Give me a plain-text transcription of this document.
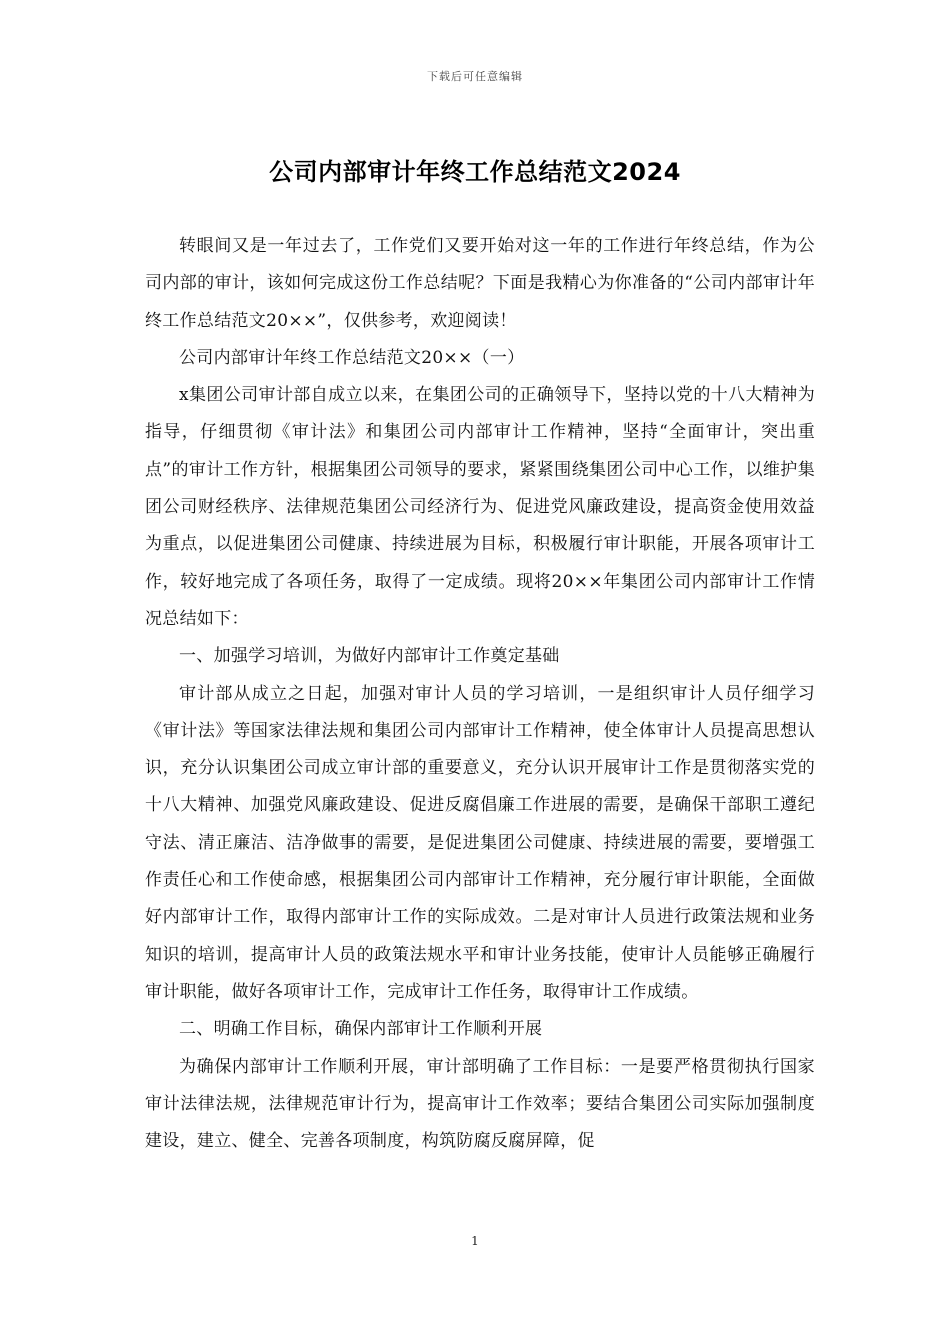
下载后可任意编辑
公司内部审计年终工作总结范文2024

转眼间又是一年过去了，工作党们又要开始对这一年的工作进行年终总结，作为公司内部的审计，该如何完成这份工作总结呢？下面是我精心为你准备的“公司内部审计年终工作总结范文20××”，仅供参考，欢迎阅读！

公司内部审计年终工作总结范文20××（一）

x集团公司审计部自成立以来，在集团公司的正确领导下，坚持以党的十八大精神为指导，仔细贯彻《审计法》和集团公司内部审计工作精神，坚持“全面审计，突出重点”的审计工作方针，根据集团公司领导的要求，紧紧围绕集团公司中心工作，以维护集团公司财经秩序、法律规范集团公司经济行为、促进党风廉政建设，提高资金使用效益为重点，以促进集团公司健康、持续进展为目标，积极履行审计职能，开展各项审计工作，较好地完成了各项任务，取得了一定成绩。现将20××年集团公司内部审计工作情况总结如下：

一、加强学习培训，为做好内部审计工作奠定基础

审计部从成立之日起，加强对审计人员的学习培训，一是组织审计人员仔细学习《审计法》等国家法律法规和集团公司内部审计工作精神，使全体审计人员提高思想认识，充分认识集团公司成立审计部的重要意义，充分认识开展审计工作是贯彻落实党的十八大精神、加强党风廉政建设、促进反腐倡廉工作进展的需要，是确保干部职工遵纪守法、清正廉洁、洁净做事的需要，是促进集团公司健康、持续进展的需要，要增强工作责任心和工作使命感，根据集团公司内部审计工作精神，充分履行审计职能，全面做好内部审计工作，取得内部审计工作的实际成效。二是对审计人员进行政策法规和业务知识的培训，提高审计人员的政策法规水平和审计业务技能，使审计人员能够正确履行审计职能，做好各项审计工作，完成审计工作任务，取得审计工作成绩。

二、明确工作目标，确保内部审计工作顺利开展

为确保内部审计工作顺利开展，审计部明确了工作目标：一是要严格贯彻执行国家审计法律法规，法律规范审计行为，提高审计工作效率；要结合集团公司实际加强制度建设，建立、健全、完善各项制度，构筑防腐反腐屏障，促

1
